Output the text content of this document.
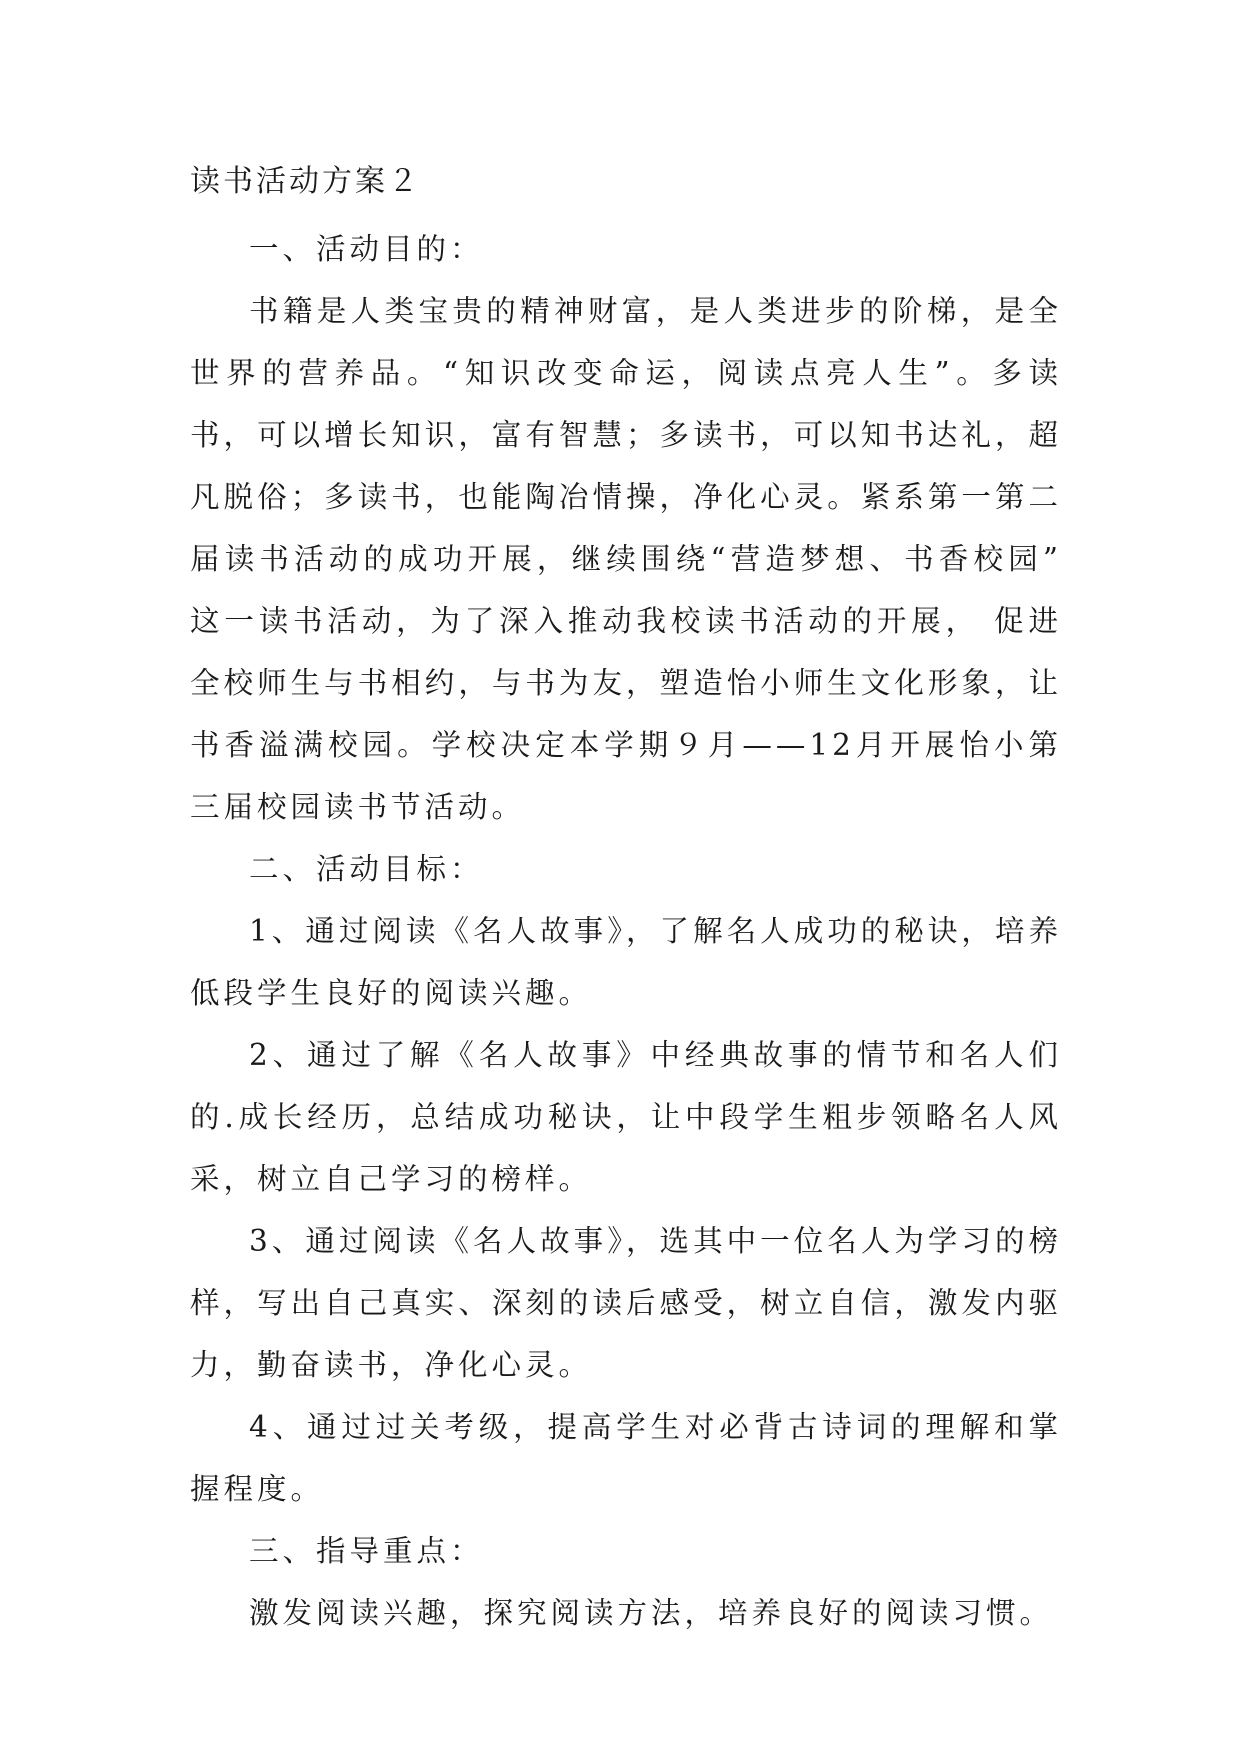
读书活动方案２

一、活动目的：

书籍是人类宝贵的精神财富，是人类进步的阶梯，是全世界的营养品。“知识改变命运，阅读点亮人生”。多读书，可以增长知识，富有智慧；多读书，可以知书达礼，超凡脱俗；多读书，也能陶冶情操，净化心灵。紧系第一第二届读书活动的成功开展，继续围绕“营造梦想、书香校园” 这一读书活动，为了深入推动我校读书活动的开展， 促进全校师生与书相约，与书为友，塑造怡小师生文化形象，让书香溢满校园。学校决定本学期９月——12月开展怡小第三届校园读书节活动。

二、活动目标：

1、通过阅读《名人故事》，了解名人成功的秘诀，培养低段学生良好的阅读兴趣。

2、通过了解《名人故事》中经典故事的情节和名人们的.成长经历，总结成功秘诀，让中段学生粗步领略名人风采，树立自己学习的榜样。

3、通过阅读《名人故事》，选其中一位名人为学习的榜样，写出自己真实、深刻的读后感受，树立自信，激发内驱力，勤奋读书，净化心灵。

4、通过过关考级，提高学生对必背古诗词的理解和掌握程度。

三、指导重点：

激发阅读兴趣，探究阅读方法，培养良好的阅读习惯。
